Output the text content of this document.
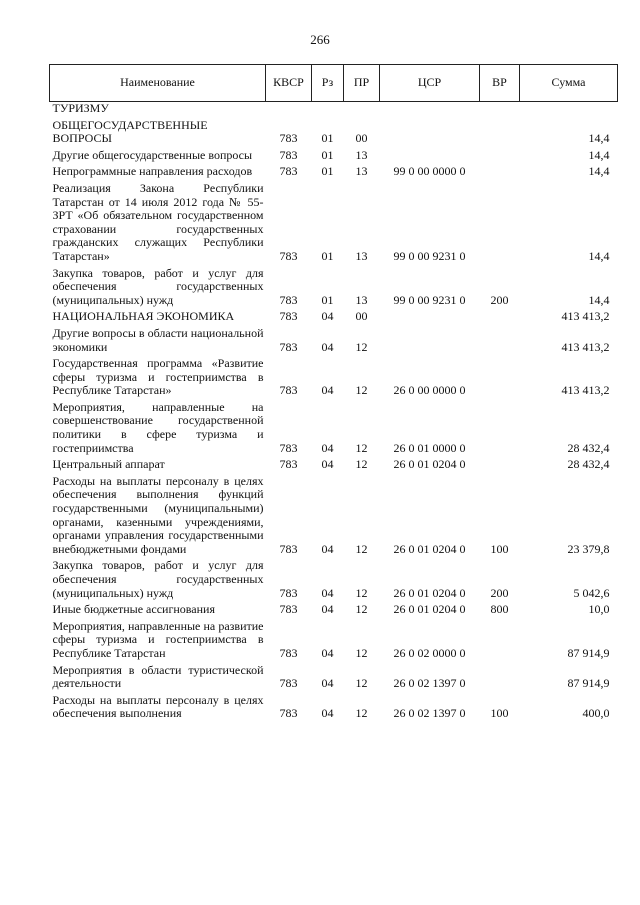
266
Наименование	КВСР	Рз	ПР	ЦСР	ВР	Сумма
ТУРИЗМУ						
ОБЩЕГОСУДАРСТВЕННЫЕ ВОПРОСЫ	783	01	00			14,4
Другие общегосударственные вопросы	783	01	13			14,4
Непрограммные направления расходов	783	01	13	99 0 00 0000 0		14,4
Реализация Закона Республики Татарстан от 14 июля 2012 года № 55-ЗРТ «Об обязательном государственном страховании государственных гражданских служащих Республики Татарстан»	783	01	13	99 0 00 9231 0		14,4
Закупка товаров, работ и услуг для обеспечения государственных (муниципальных) нужд	783	01	13	99 0 00 9231 0	200	14,4
НАЦИОНАЛЬНАЯ ЭКОНОМИКА	783	04	00			413 413,2
Другие вопросы в области национальной экономики	783	04	12			413 413,2
Государственная программа «Развитие сферы туризма и гостеприимства в Республике Татарстан»	783	04	12	26 0 00 0000 0		413 413,2
Мероприятия, направленные на совершенствование государственной политики в сфере туризма и гостеприимства	783	04	12	26 0 01 0000 0		28 432,4
Центральный аппарат	783	04	12	26 0 01 0204 0		28 432,4
Расходы на выплаты персоналу в целях обеспечения выполнения функций государственными (муниципальными) органами, казенными учреждениями, органами управления государственными внебюджетными фондами	783	04	12	26 0 01 0204 0	100	23 379,8
Закупка товаров, работ и услуг для обеспечения государственных (муниципальных) нужд	783	04	12	26 0 01 0204 0	200	5 042,6
Иные бюджетные ассигнования	783	04	12	26 0 01 0204 0	800	10,0
Мероприятия, направленные на развитие сферы туризма и гостеприимства в Республике Татарстан	783	04	12	26 0 02 0000 0		87 914,9
Мероприятия в области туристической деятельности	783	04	12	26 0 02 1397 0		87 914,9
Расходы на выплаты персоналу в целях обеспечения выполнения	783	04	12	26 0 02 1397 0	100	400,0
